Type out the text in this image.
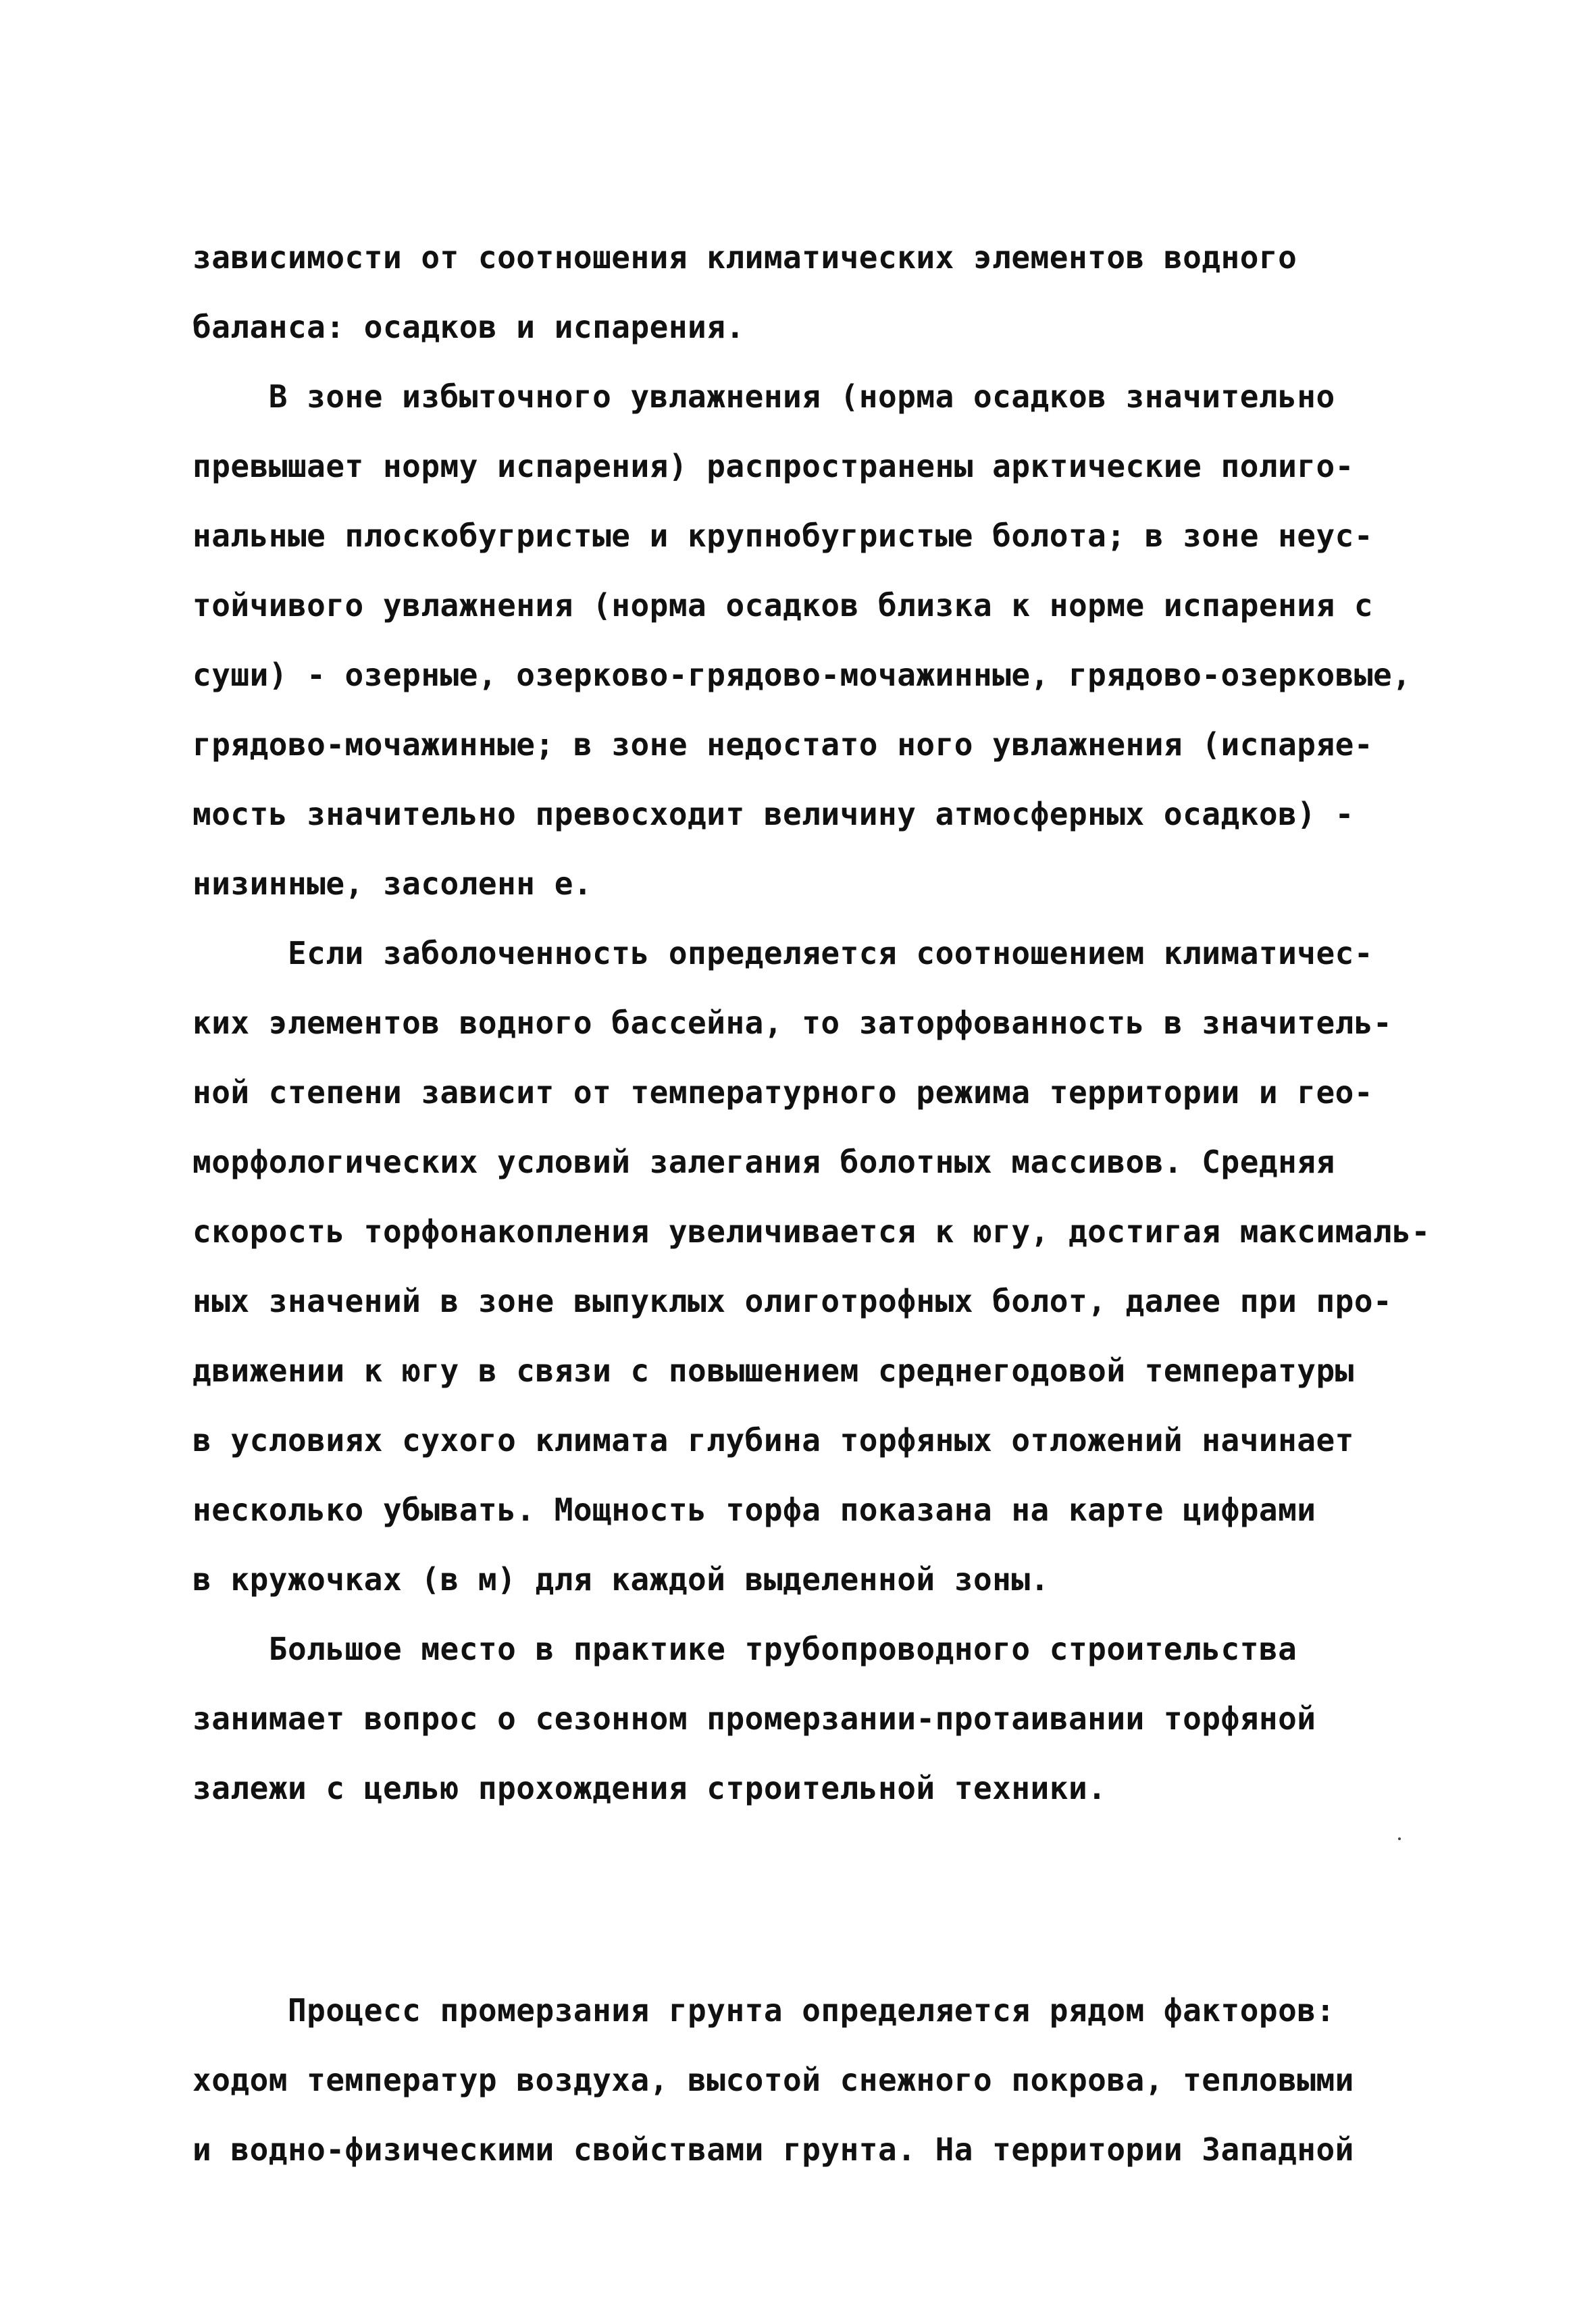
зависимости от соотношения климатических элементов водного
баланса: осадков и испарения.
В зоне избыточного увлажнения (норма осадков значительно
превышает норму испарения) распространены арктические полиго-
нальные плоскобугристые и крупнобугристые болота; в зоне неус-
тойчивого увлажнения (норма осадков близка к норме испарения с
суши) - озерные, озерково-грядово-мочажинные, грядово-озерковые,
грядово-мочажинные; в зоне недостато ного увлажнения (испаряе-
мость значительно превосходит величину атмосферных осадков) -
низинные, засоленн е.
Если заболоченность определяется соотношением климатичес-
ких элементов водного бассейна, то заторфованность в значитель-
ной степени зависит от температурного режима территории и гео-
морфологических условий залегания болотных массивов. Средняя
скорость торфонакопления увеличивается к югу, достигая максималь-
ных значений в зоне выпуклых олиготрофных болот, далее при про-
движении к югу в связи с повышением среднегодовой температуры
в условиях сухого климата глубина торфяных отложений начинает
несколько убывать. Мощность торфа показана на карте цифрами
в кружочках (в м) для каждой выделенной зоны.
Большое место в практике трубопроводного строительства
занимает вопрос о сезонном промерзании-протаивании торфяной
залежи с целью прохождения строительной техники.
Процесс промерзания грунта определяется рядом факторов:
ходом температур воздуха, высотой снежного покрова, тепловыми
и водно-физическими свойствами грунта. На территории Западной
